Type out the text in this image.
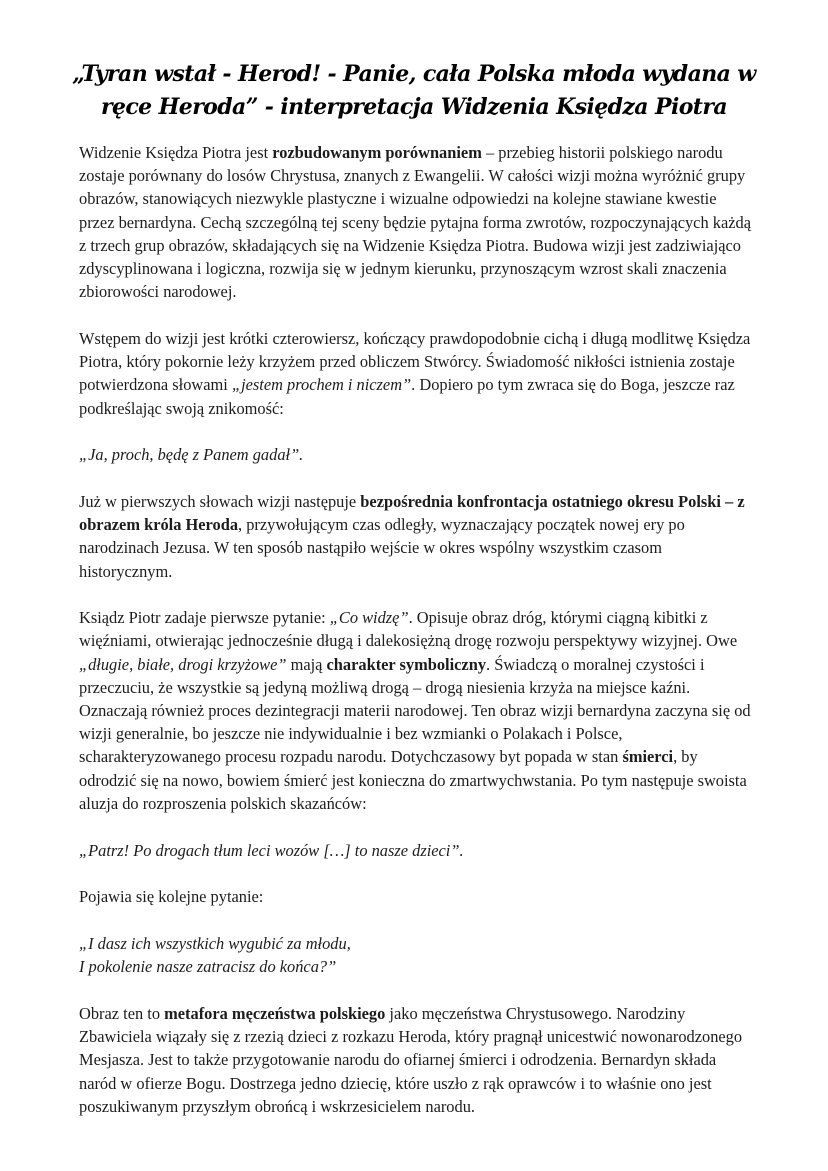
„Tyran wstał - Herod! - Panie, cała Polska młoda wydana w ręce Heroda” - interpretacja Widzenia Księdza Piotra

Widzenie Księdza Piotra jest rozbudowanym porównaniem – przebieg historii polskiego narodu zostaje porównany do losów Chrystusa, znanych z Ewangelii. W całości wizji można wyróżnić grupy obrazów, stanowiących niezwykle plastyczne i wizualne odpowiedzi na kolejne stawiane kwestie przez bernardyna. Cechą szczególną tej sceny będzie pytajna forma zwrotów, rozpoczynających każdą z trzech grup obrazów, składających się na Widzenie Księdza Piotra. Budowa wizji jest zadziwiająco zdyscyplinowana i logiczna, rozwija się w jednym kierunku, przynoszącym wzrost skali znaczenia zbiorowości narodowej.

Wstępem do wizji jest krótki czterowiersz, kończący prawdopodobnie cichą i długą modlitwę Księdza Piotra, który pokornie leży krzyżem przed obliczem Stwórcy. Świadomość nikłości istnienia zostaje potwierdzona słowami „jestem prochem i niczem”. Dopiero po tym zwraca się do Boga, jeszcze raz podkreślając swoją znikomość:

„Ja, proch, będę z Panem gadał”.

Już w pierwszych słowach wizji następuje bezpośrednia konfrontacja ostatniego okresu Polski – z obrazem króla Heroda, przywołującym czas odległy, wyznaczający początek nowej ery po narodzinach Jezusa. W ten sposób nastąpiło wejście w okres wspólny wszystkim czasom historycznym.

Ksiądz Piotr zadaje pierwsze pytanie: „Co widzę”. Opisuje obraz dróg, którymi ciągną kibitki z więźniami, otwierając jednocześnie długą i dalekosiężną drogę rozwoju perspektywy wizyjnej. Owe „długie, białe, drogi krzyżowe” mają charakter symboliczny. Świadczą o moralnej czystości i przeczuciu, że wszystkie są jedyną możliwą drogą – drogą niesienia krzyża na miejsce kaźni. Oznaczają również proces dezintegracji materii narodowej. Ten obraz wizji bernardyna zaczyna się od wizji generalnie, bo jeszcze nie indywidualnie i bez wzmianki o Polakach i Polsce, scharakteryzowanego procesu rozpadu narodu. Dotychczasowy byt popada w stan śmierci, by odrodzić się na nowo, bowiem śmierć jest konieczna do zmartwychwstania. Po tym następuje swoista aluzja do rozproszenia polskich skazańców:

„Patrz! Po drogach tłum leci wozów […] to nasze dzieci”.

Pojawia się kolejne pytanie:

„I dasz ich wszystkich wygubić za młodu,
I pokolenie nasze zatracisz do końca?”

Obraz ten to metafora męczeństwa polskiego jako męczeństwa Chrystusowego. Narodziny Zbawiciela wiązały się z rzezią dzieci z rozkazu Heroda, który pragnął unicestwić nowonarodzonego Mesjasza. Jest to także przygotowanie narodu do ofiarnej śmierci i odrodzenia. Bernardyn składa naród w ofierze Bogu. Dostrzega jedno dziecię, które uszło z rąk oprawców i to właśnie ono jest poszukiwanym przyszłym obrońcą i wskrzesicielem narodu.
